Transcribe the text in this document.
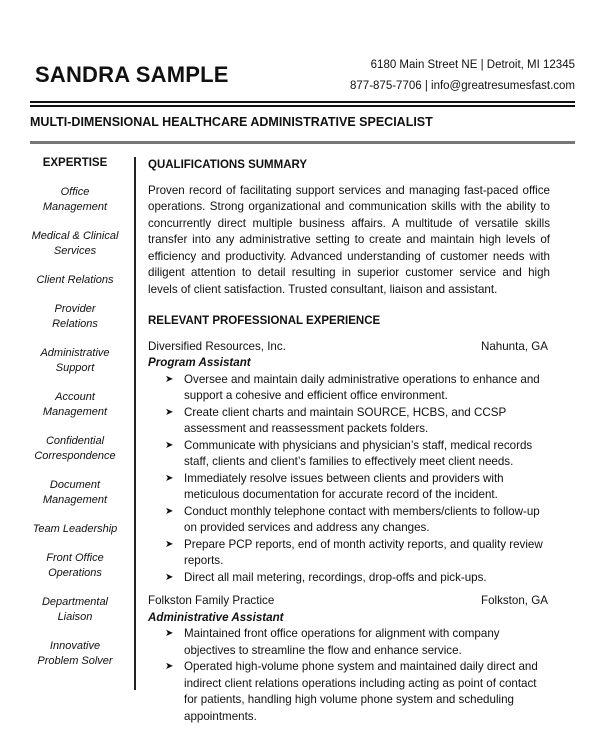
SANDRA SAMPLE	6180 Main Street NE | Detroit, MI 12345
877-875-7706 | info@greatresumesfast.com
MULTI-DIMENSIONAL HEALTHCARE ADMINISTRATIVE SPECIALIST
EXPERTISE
Office
Management
Medical & Clinical
Services
Client Relations
Provider
Relations
Administrative
Support
Account
Management
Confidential
Correspondence
Document
Management
Team Leadership
Front Office
Operations
Departmental
Liaison
Innovative
Problem Solver
QUALIFICATIONS SUMMARY
Proven record of facilitating support services and managing fast-paced office operations. Strong organizational and communication skills with the ability to concurrently direct multiple business affairs. A multitude of versatile skills transfer into any administrative setting to create and maintain high levels of efficiency and productivity. Advanced understanding of customer needs with diligent attention to detail resulting in superior customer service and high levels of client satisfaction. Trusted consultant, liaison and assistant.
RELEVANT PROFESSIONAL EXPERIENCE
Diversified Resources, Inc.	Nahunta, GA
Program Assistant
➤ Oversee and maintain daily administrative operations to enhance and support a cohesive and efficient office environment.
➤ Create client charts and maintain SOURCE, HCBS, and CCSP assessment and reassessment packets folders.
➤ Communicate with physicians and physician’s staff, medical records staff, clients and client’s families to effectively meet client needs.
➤ Immediately resolve issues between clients and providers with meticulous documentation for accurate record of the incident.
➤ Conduct monthly telephone contact with members/clients to follow-up on provided services and address any changes.
➤ Prepare PCP reports, end of month activity reports, and quality review reports.
➤ Direct all mail metering, recordings, drop-offs and pick-ups.
Folkston Family Practice	Folkston, GA
Administrative Assistant
➤ Maintained front office operations for alignment with company objectives to streamline the flow and enhance service.
➤ Operated high-volume phone system and maintained daily direct and indirect client relations operations including acting as point of contact for patients, handling high volume phone system and scheduling appointments.
